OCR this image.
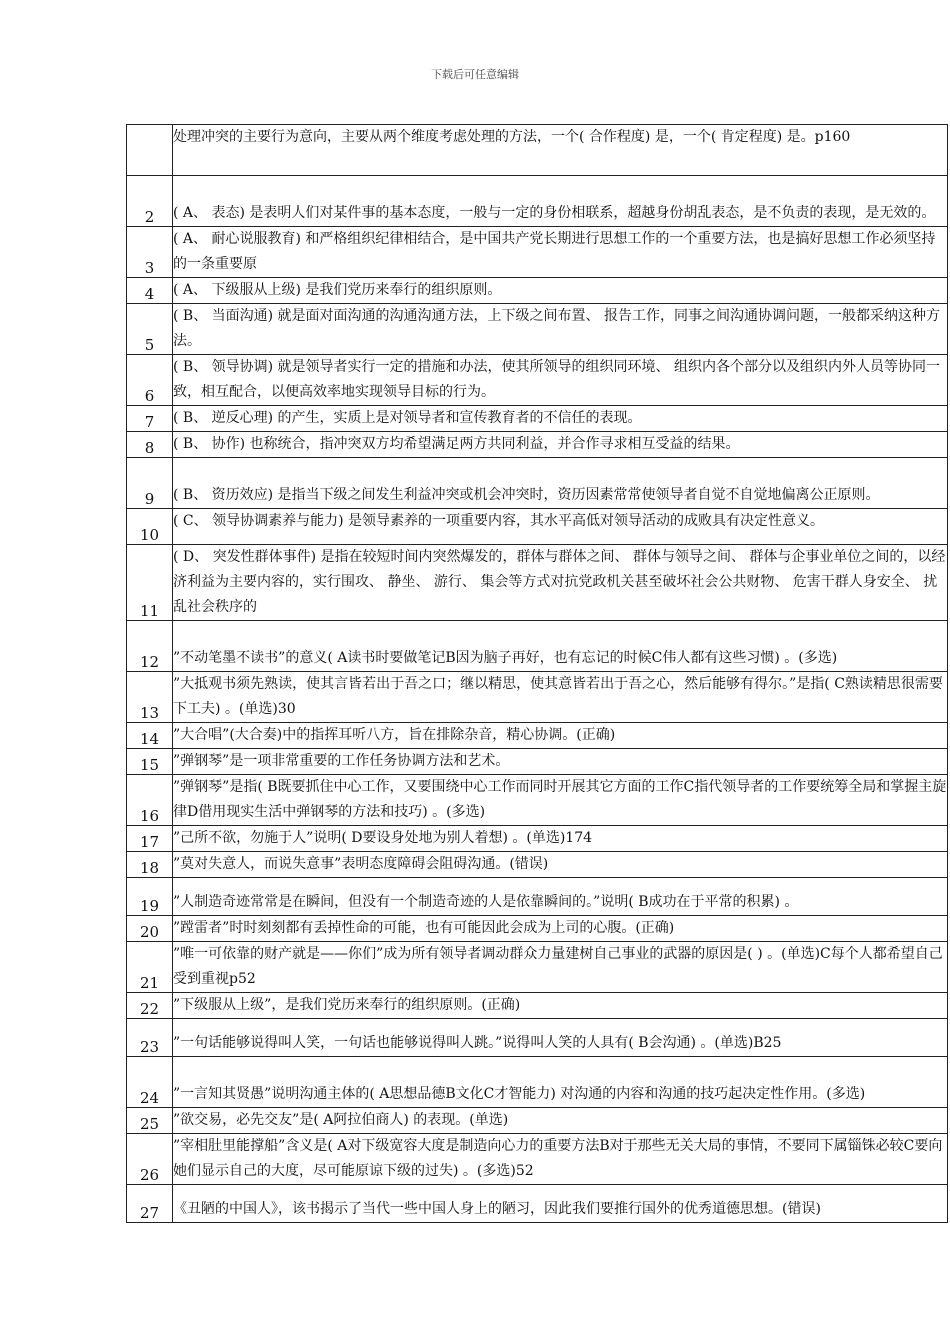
下载后可任意编辑
	处理冲突的主要行为意向，主要从两个维度考虑处理的方法，一个( 合作程度) 是，一个( 肯定程度) 是。p160
2	( A、 表态) 是表明人们对某件事的基本态度，一般与一定的身份相联系，超越身份胡乱表态，是不负责的表现，是无效的。
3	( A、 耐心说服教育) 和严格组织纪律相结合，是中国共产党长期进行思想工作的一个重要方法，也是搞好思想工作必须坚持的一条重要原
4	( A、 下级服从上级) 是我们党历来奉行的组织原则。
5	( B、 当面沟通) 就是面对面沟通的沟通沟通方法，上下级之间布置、 报告工作，同事之间沟通协调问题，一般都采纳这种方法。
6	( B、 领导协调) 就是领导者实行一定的措施和办法，使其所领导的组织同环境、 组织内各个部分以及组织内外人员等协同一致，相互配合，以便高效率地实现领导目标的行为。
7	( B、 逆反心理) 的产生，实质上是对领导者和宣传教育者的不信任的表现。
8	( B、 协作) 也称统合，指冲突双方均希望满足两方共同利益，并合作寻求相互受益的结果。
9	( B、 资历效应) 是指当下级之间发生利益冲突或机会冲突时，资历因素常常使领导者自觉不自觉地偏离公正原则。
10	( C、 领导协调素养与能力) 是领导素养的一项重要内容，其水平高低对领导活动的成败具有决定性意义。
11	( D、 突发性群体事件) 是指在较短时间内突然爆发的，群体与群体之间、 群体与领导之间、 群体与企事业单位之间的，以经济利益为主要内容的，实行围攻、 静坐、 游行、 集会等方式对抗党政机关甚至破坏社会公共财物、 危害干群人身安全、 扰乱社会秩序的
12	”不动笔墨不读书”的意义( A读书时要做笔记B因为脑子再好，也有忘记的时候C伟人都有这些习惯) 。(多选)
13	”大抵观书须先熟读，使其言皆若出于吾之口；继以精思，使其意皆若出于吾之心，然后能够有得尔。”是指( C熟读精思很需要下工夫) 。(单选)30
14	”大合唱”(大合奏)中的指挥耳听八方，旨在排除杂音，精心协调。(正确)
15	”弹钢琴”是一项非常重要的工作任务协调方法和艺术。
16	”弹钢琴”是指( B既要抓住中心工作，又要围绕中心工作而同时开展其它方面的工作C指代领导者的工作要统筹全局和掌握主旋律D借用现实生活中弹钢琴的方法和技巧) 。(多选)
17	”己所不欲，勿施于人”说明( D要设身处地为别人着想) 。(单选)174
18	”莫对失意人，而说失意事”表明态度障碍会阻碍沟通。(错误)
19	”人制造奇迹常常是在瞬间，但没有一个制造奇迹的人是依靠瞬间的。”说明( B成功在于平常的积累) 。
20	”蹚雷者”时时刻刻都有丢掉性命的可能，也有可能因此会成为上司的心腹。(正确)
21	”唯一可依靠的财产就是——你们”成为所有领导者调动群众力量建树自己事业的武器的原因是( ) 。(单选)C每个人都希望自己受到重视p52
22	”下级服从上级”，是我们党历来奉行的组织原则。(正确)
23	”一句话能够说得叫人笑，一句话也能够说得叫人跳。”说得叫人笑的人具有( B会沟通) 。(单选)B25
24	”一言知其贤愚”说明沟通主体的( A思想品德B文化C才智能力) 对沟通的内容和沟通的技巧起决定性作用。(多选)
25	”欲交易，必先交友”是( A阿拉伯商人) 的表现。(单选)
26	”宰相肚里能撑船”含义是( A对下级宽容大度是制造向心力的重要方法B对于那些无关大局的事情，不要同下属锱铢必较C要向她们显示自己的大度，尽可能原谅下级的过失) 。(多选)52
27	《丑陋的中国人》，该书揭示了当代一些中国人身上的陋习，因此我们要推行国外的优秀道德思想。(错误)
